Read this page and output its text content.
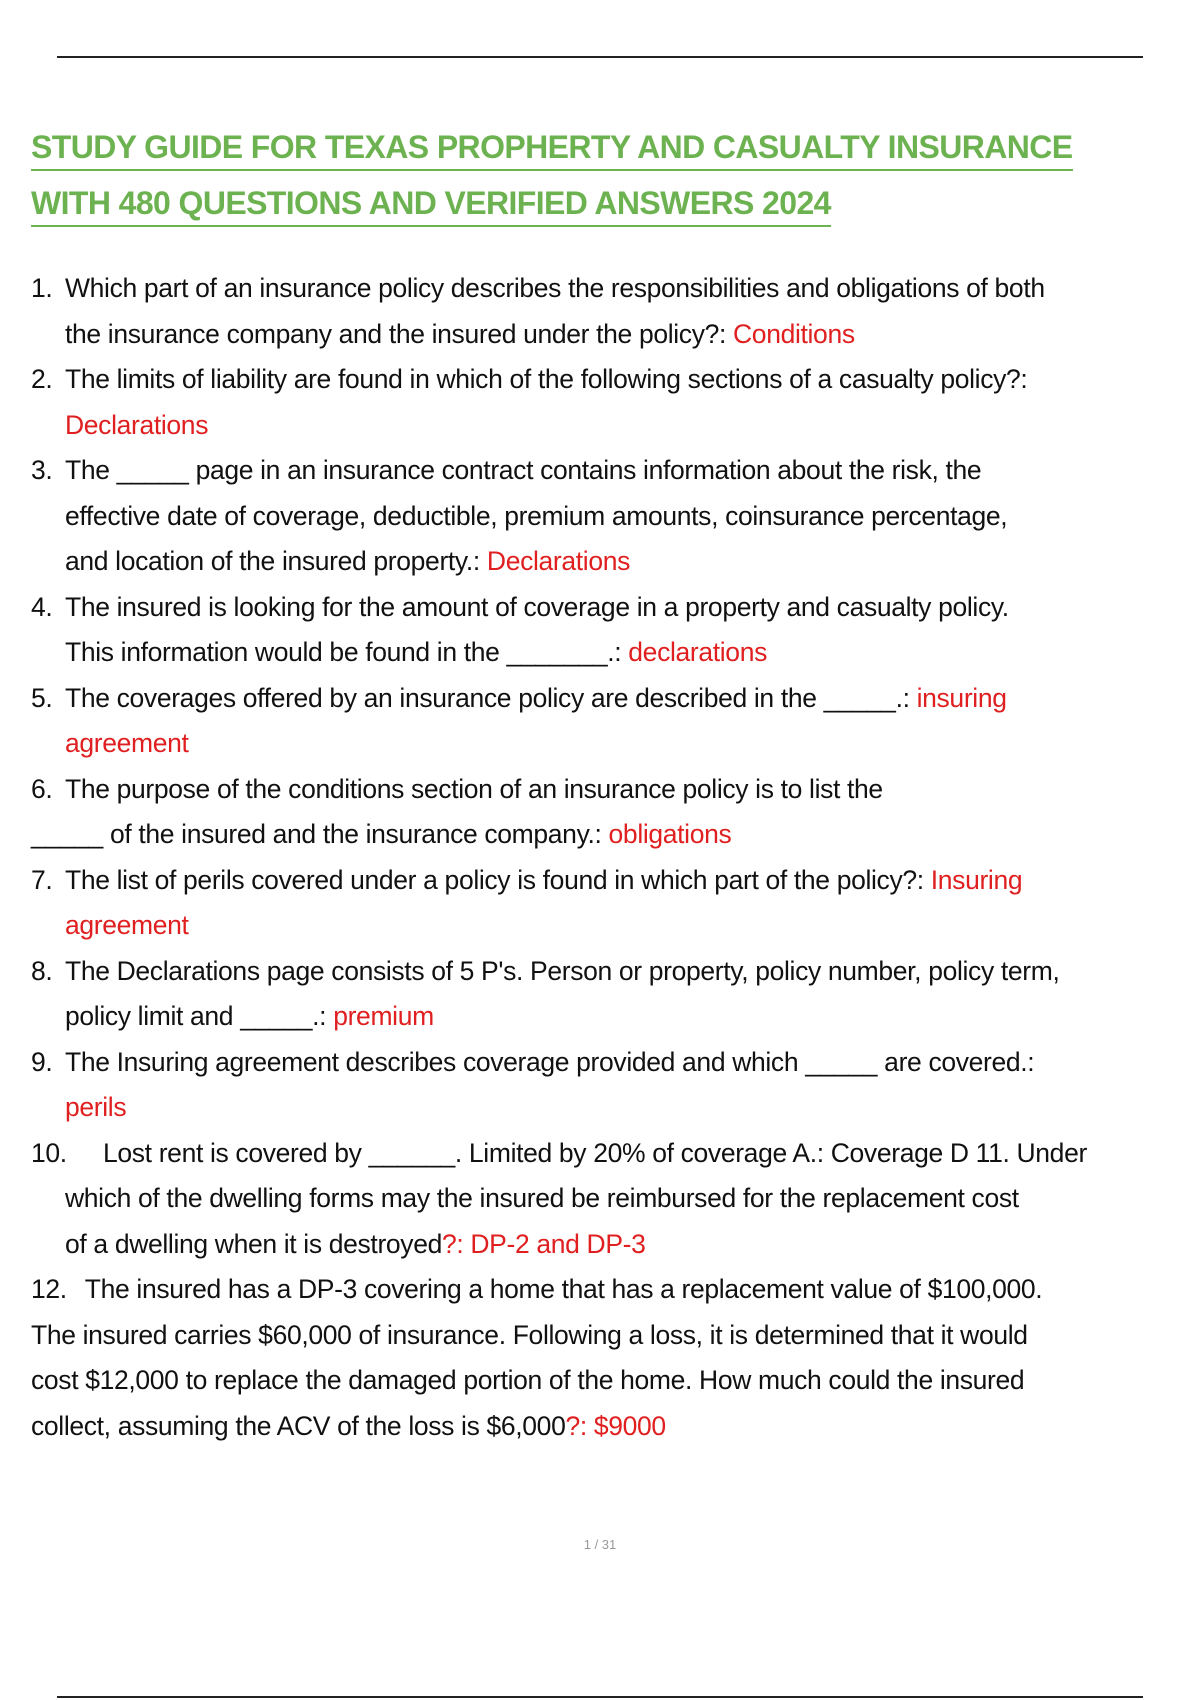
STUDY GUIDE FOR TEXAS PROPHERTY AND CASUALTY INSURANCE
WITH 480 QUESTIONS AND VERIFIED ANSWERS 2024
1. Which part of an insurance policy describes the responsibilities and obligations of both
the insurance company and the insured under the policy?: Conditions
2. The limits of liability are found in which of the following sections of a casualty policy?:
Declarations
3. The _____ page in an insurance contract contains information about the risk, the
effective date of coverage, deductible, premium amounts, coinsurance percentage,
and location of the insured property.: Declarations
4. The insured is looking for the amount of coverage in a property and casualty policy.
This information would be found in the _______.: declarations
5. The coverages offered by an insurance policy are described in the _____.: insuring
agreement
6. The purpose of the conditions section of an insurance policy is to list the
_____ of the insured and the insurance company.: obligations
7. The list of perils covered under a policy is found in which part of the policy?: Insuring
agreement
8. The Declarations page consists of 5 P's. Person or property, policy number, policy term,
policy limit and _____.: premium
9. The Insuring agreement describes coverage provided and which _____ are covered.:
perils
10.	Lost rent is covered by ______. Limited by 20% of coverage A.: Coverage D 11. Under
which of the dwelling forms may the insured be reimbursed for the replacement cost
of a dwelling when it is destroyed?: DP-2 and DP-3
12. The insured has a DP-3 covering a home that has a replacement value of $100,000.
The insured carries $60,000 of insurance. Following a loss, it is determined that it would
cost $12,000 to replace the damaged portion of the home. How much could the insured
collect, assuming the ACV of the loss is $6,000?: $9000
1 / 31
